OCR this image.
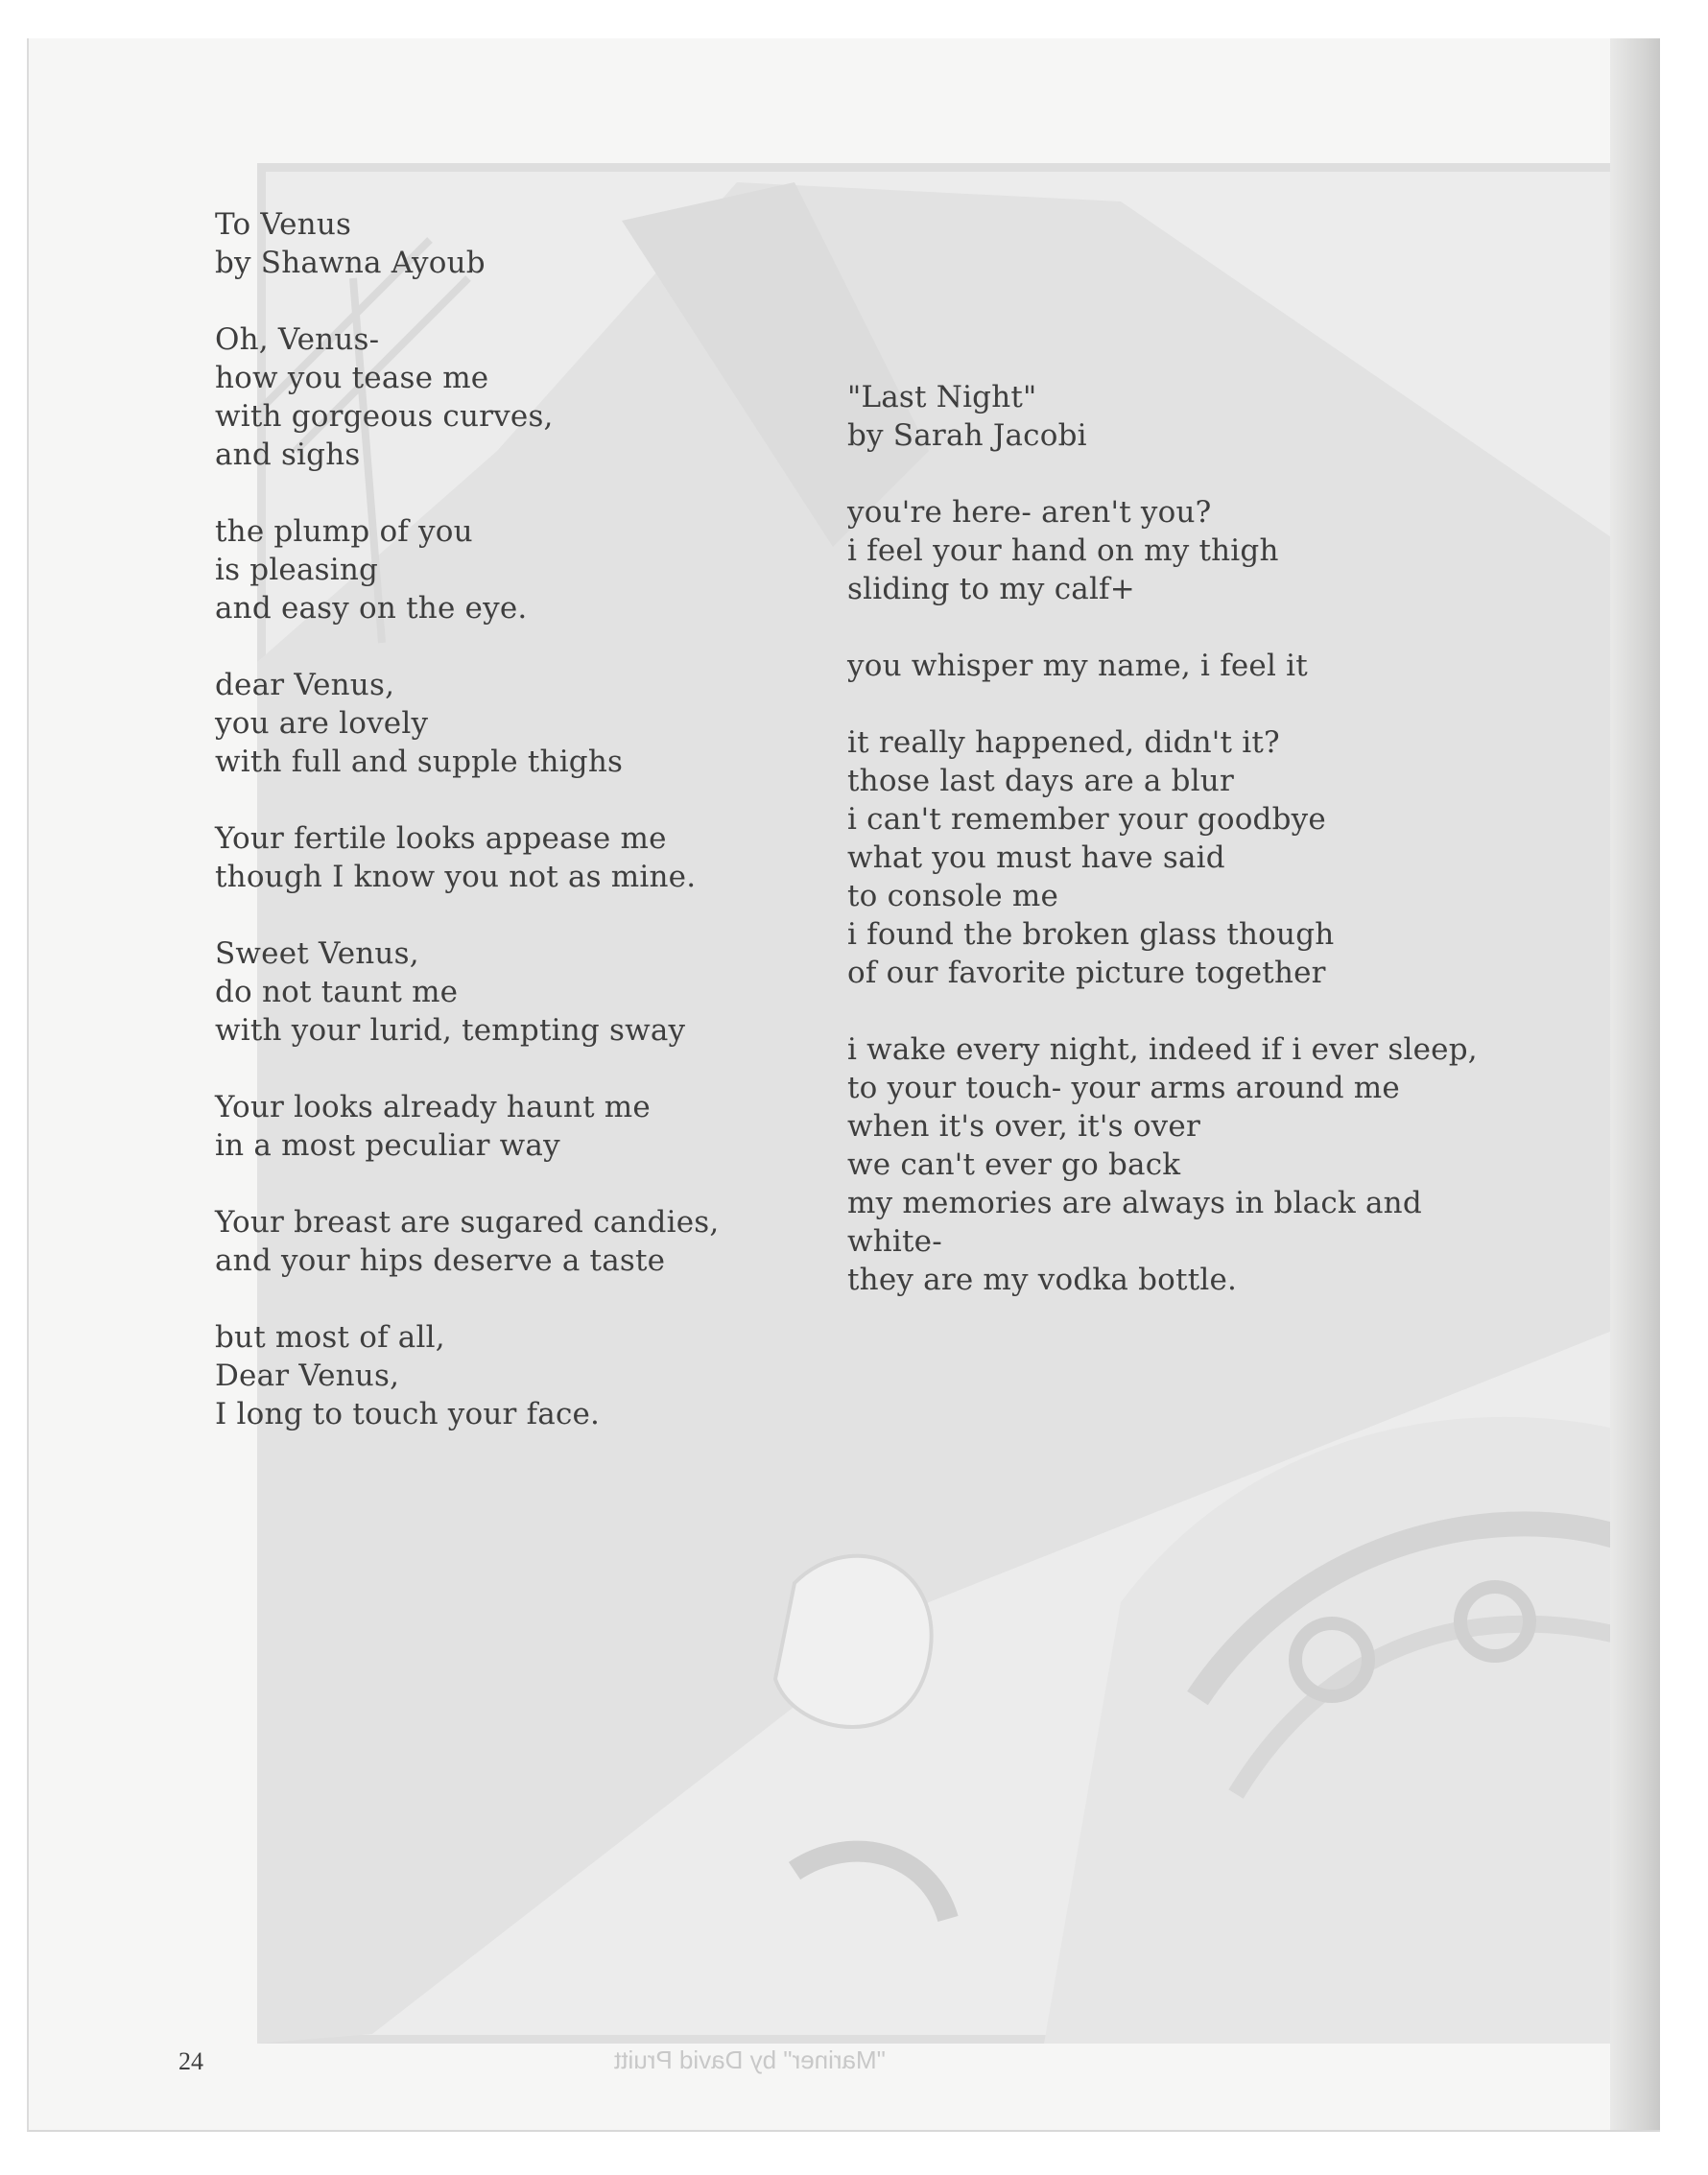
"Mariner" by David Pruitt
To Venus
by Shawna Ayoub
Oh, Venus-
how you tease me
with gorgeous curves,
and sighs
the plump of you
is pleasing
and easy on the eye.
dear Venus,
you are lovely
with full and supple thighs
Your fertile looks appease me
though I know you not as mine.
Sweet Venus,
do not taunt me
with your lurid, tempting sway
Your looks already haunt me
in a most peculiar way
Your breast are sugared candies,
and your hips deserve a taste
but most of all,
Dear Venus,
I long to touch your face.
"Last Night"
by Sarah Jacobi
you're here- aren't you?
i feel your hand on my thigh
sliding to my calf+
you whisper my name, i feel it
it really happened, didn't it?
those last days are a blur
i can't remember your goodbye
what you must have said
to console me
i found the broken glass though
of our favorite picture together
i wake every night, indeed if i ever sleep,
to your touch- your arms around me
when it's over, it's over
we can't ever go back
my memories are always in black and
white-
they are my vodka bottle.
24
